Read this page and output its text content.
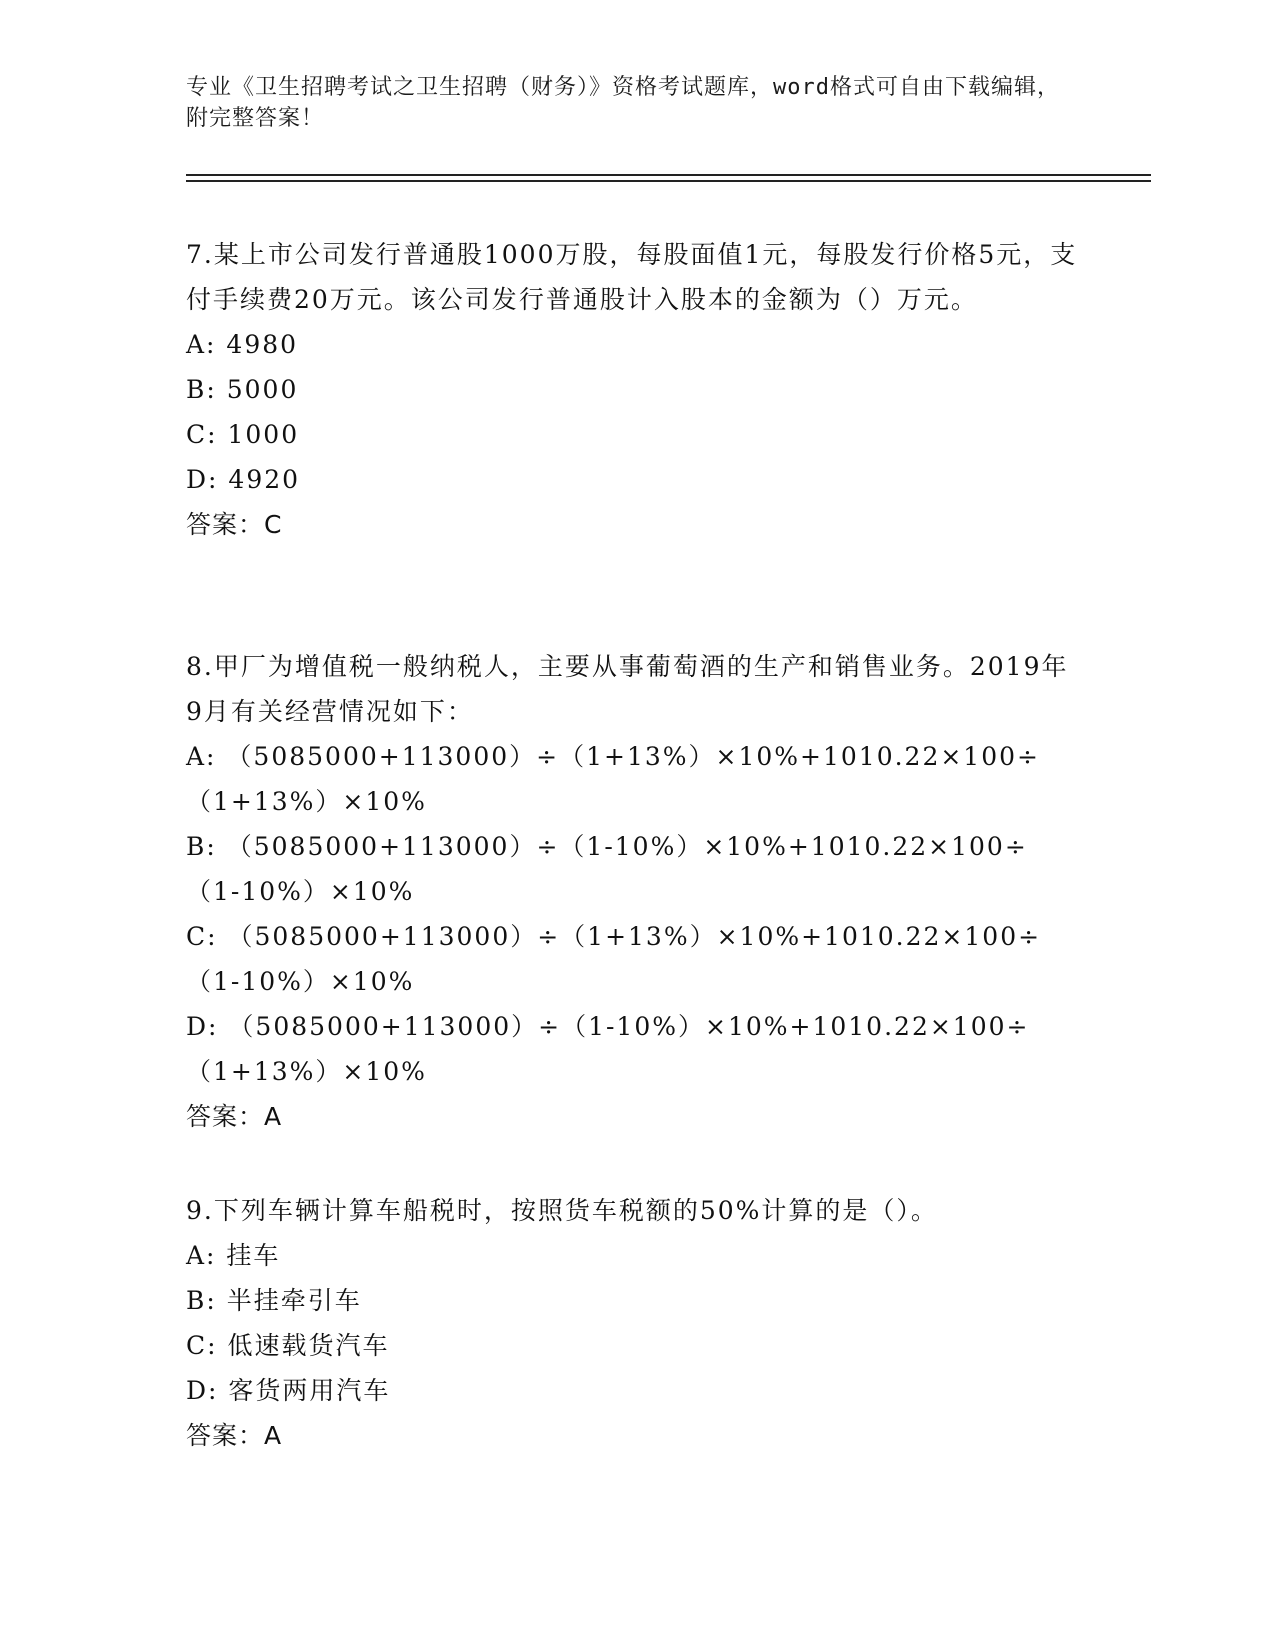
专业《卫生招聘考试之卫生招聘（财务）》资格考试题库，word格式可自由下载编辑，附完整答案！
7.某上市公司发行普通股1000万股，每股面值1元，每股发行价格5元，支付手续费20万元。该公司发行普通股计入股本的金额为（）万元。
A: 4980
B: 5000
C: 1000
D: 4920
答案：C
8.甲厂为增值税一般纳税人，主要从事葡萄酒的生产和销售业务。2019年9月有关经营情况如下：
A: （5085000+113000）÷（1+13%）×10%+1010.22×100÷（1+13%）×10%
B: （5085000+113000）÷（1-10%）×10%+1010.22×100÷（1-10%）×10%
C: （5085000+113000）÷（1+13%）×10%+1010.22×100÷（1-10%）×10%
D: （5085000+113000）÷（1-10%）×10%+1010.22×100÷（1+13%）×10%
答案：A
9.下列车辆计算车船税时，按照货车税额的50%计算的是（）。
A: 挂车
B: 半挂牵引车
C: 低速载货汽车
D: 客货两用汽车
答案：A
